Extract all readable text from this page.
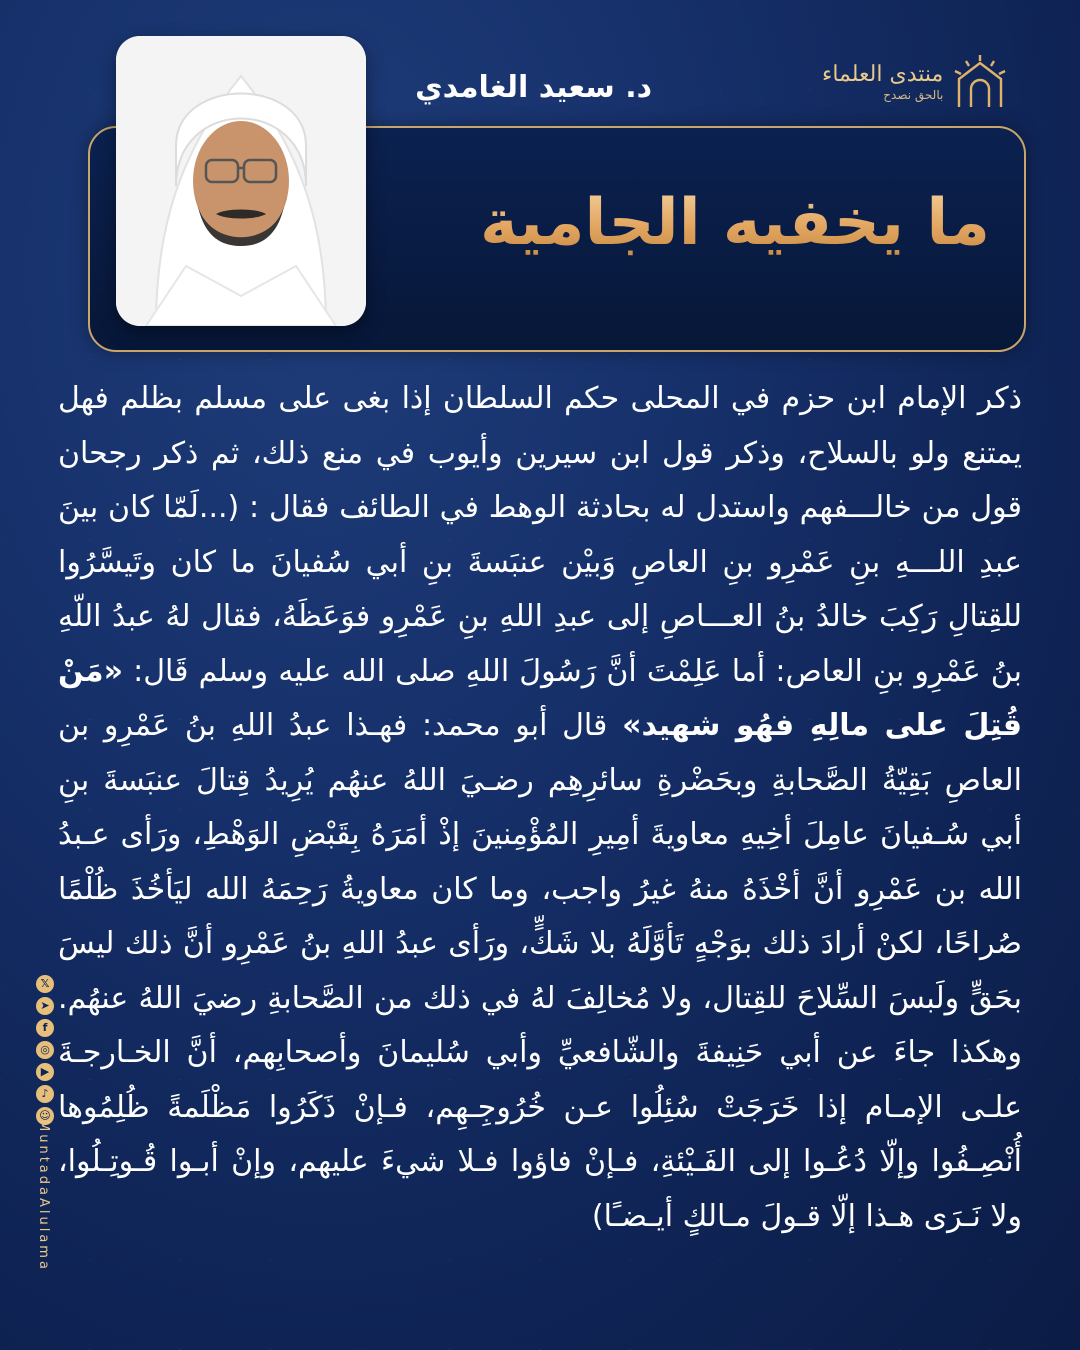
منتدى العلماء
بالحق نصدح
د. سعيد الغامدي
ما يخفيه الجامية
ذكر الإمام ابن حزم في المحلى حكم السلطان إذا بغى على مسلم بظلم فهل يمتنع ولو بالسلاح، وذكر قول ابن سيرين وأيوب في منع ذلك، ثم ذكر رجحان قول من خالـــفهم واستدل له بحادثة الوهط في الطائف فقال : (...لَمّا كان بينَ عبدِ اللـــهِ بنِ عَمْرِو بنِ العاصِ وَبيْن عنبَسةَ بنِ أبي سُفيانَ ما كان وتَيسَّرُوا للقِتالِ رَكِبَ خالدُ بنُ العـــاصِ إلى عبدِ اللهِ بنِ عَمْرِو فوَعَظَهُ، فقال لهُ عبدُ اللّهِ بنُ عَمْرِو بنِ العاص: أما عَلِمْتَ أنَّ رَسُولَ اللهِ صلى الله عليه وسلم قَال: «مَنْ قُتِلَ على مالِهِ فهُو شهيد» قال أبو محمد: فهـذا عبدُ اللهِ بنُ عَمْرِو بن العاصِ بَقِيّةُ الصَّحابةِ وبحَضْرةِ سائرِهِم رضـيَ اللهُ عنهُم يُرِيدُ قِتالَ عنبَسةَ بنِ أبي سُـفيانَ عامِلَ أخِيهِ معاويةَ أمِيرِ المُؤْمِنينَ إذْ أمَرَهُ بِقَبْضِ الوَهْطِ، ورَأى عـبدُ الله بن عَمْرِو أنَّ أخْذَهُ منهُ غيرُ واجب، وما كان معاويةُ رَحِمَهُ الله ليَأخُذَ ظُلْمًا صُراحًا، لكنْ أرادَ ذلك بوَجْهٍ تَأوَّلَهُ بلا شَكٍّ، ورَأى عبدُ اللهِ بنُ عَمْرِو أنَّ ذلك ليسَ بحَقٍّ ولَبسَ السِّلاحَ للقِتال، ولا مُخالِفَ لهُ في ذلك من الصَّحابةِ رضيَ اللهُ عنهُم. وهكذا جاءَ عن أبي حَنِيفةَ والشّافعيِّ وأبي سُليمانَ وأصحابِهم، أنَّ الخـارجـةَ علـى الإمـام إذا خَرَجَتْ سُئِلُوا عـن خُرُوجِـهِم، فـإنْ ذَكَرُوا مَظْلَمةً ظُلِمُوها أُنْصِـفُوا وإلّا دُعُـوا إلى الفَـيْئةِ، فـإنْ فاؤوا فـلا شيءَ عليهم، وإنْ أبـوا قُـوتِـلُوا، ولا نَـرَى هـذا إلّا قـولَ مـالكٍ أيـضـًا)
𝕏
➤
f
◎
▶
♪
☺
MuntadaAlulama
